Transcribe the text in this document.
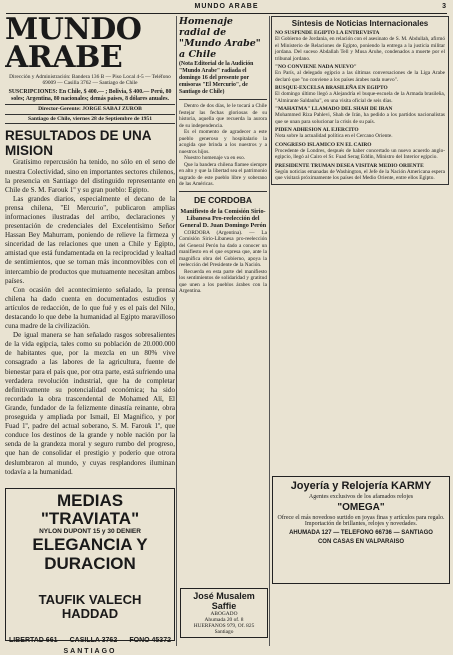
MUNDO ARABE	3
MUNDO ARABE
Dirección y Administración: Bandera 136 B — Piso Local 4-5 — Teléfono 69009 — Casilla 3762 — Santiago de Chile
SUSCRIPCIONES: En Chile, $ 400.— ; Bolivia, $ 400.— Perú, 80 soles; Argentina, 80 nacionales; demás países, 8 dólares anuales.
Director-Gerente: JORGE SABAJ ZUROB
Santiago de Chile, viernes 28 de Septiembre de 1951
RESULTADOS DE UNA MISION

Gratísimo repercusión ha tenido, no sólo en el seno de nuestra Colectividad, sino en importantes sectores chilenos, la presencia en Santiago del distinguido representante en Chile de S. M. Farouk 1º y su gran pueblo: Egipto.

Las grandes diarios, especialmente el decano de la prensa chilena, "El Mercurio", publicaron amplias informaciones ilustradas del arribo, declaraciones y presentación de credenciales del Excelentísimo Señor Hassan Bey Mahurram, poniendo de relieve la firmeza y sinceridad de las relaciones que unen a Chile y Egipto, amistad que está fundamentada en la reciprocidad y lealtad de sentimientos, que se tornan más inconmovibles con el intercambio de productos que mutuamente necesitan ambos países.

Con ocasión del acontecimiento señalado, la prensa chilena ha dado cuenta en documentados estudios y artículos de redacción, de lo que fué y es el país del Nilo, destacando lo que debe la humanidad al Egipto maravilloso cuna madre de la civilización.

De igual manera se han señalado rasgos sobresalientes de la vida egipcia, tales como su población de 20.000.000 de habitantes que, por la mezcla en un 80% vive consagrado a las labores de la agricultura, fuente de bienestar para el país que, por otra parte, está sufriendo una verdadera revolución industrial, que ha de completar definitivamente su potencialidad económica; ha sido recordado la obra trascendental de Mohamed Alí, El Grande, fundador de la felizmente dinastía reinante, obra proseguida y ampliada por Ismail, El Magnifico, y por Fuad 1º, padre del actual soberano, S. M. Farouk 1º, que conduce los destinos de la grande y noble nación por la senda de la grandeza moral y seguro rumbo del progreso, que han de consolidar el prestigio y poderío que otrora deslumbraron al mundo, y cuyas resplandores iluminan todavía a la humanidad.

MEDIAS "TRAVIATA"
NYLON DUPONT 15 y 30 DENIER
ELEGANCIA Y DURACION
TAUFIK VALECH HADDAD
LIBERTAD 661 CASILLA 3762 FONO 45372
SANTIAGO
Homenaje radial de "Mundo Arabe" a Chile
(Nota Editorial de la Audición "Mundo Arabe" radiada el domingo 16 del presente por emisoras "El Mercurio", de Santiago de Chile)

Dentro de dos días, le le tocará a Chile festejar las fechas gloriosas de su historia, aquella que recuerda la aurora de su independencia.

Es el momento de agradecer a este pueblo generoso y hospitalario la acogida que brinda a los nuestros y a nuestros hijos.

Nuestro homenaje va en eso.

Que la bandera chilena flamee siempre en alto y que la libertad sea el patrimonio sagrado de este pueblo libre y soberano de las Américas.

DE CORDOBA
Manifiesto de la Comisión Sirio-Libanesa Pro-reelección del General D. Juan Domingo Perón

CORDOBA (Argentina). — La Comisión Sirio-Libanesa pro-reelección del General Perón ha dado a conocer un manifiesto en el que expresa que, ante la magnífica obra del Gobierno, apoya la reelección del Presidente de la Nación.

Recuerda en esta parte del manifiesto los sentimientos de solidaridad y gratitud que unen a los pueblos árabes con la Argentina.

José Musalem Saffie
ABOGADO
Ahumada 20 of. 8
HUERFANOS 979, Of. 825
Santiago
Síntesis de Noticias Internacionales
NO SUSPENDE EGIPTO LA ENTREVISTA
El Gobierno de Jordania, en relación con el asesinato de S. M. Abdullah, afirmó el Ministerio de Relaciones de Egipto, poniendo la entrega a la justicia militar jordana. Del suceso Abdallah Tell y Musa Aruhe, condenados a muerte por el tribunal jordano.
"NO CONVIENE NADA NUEVO"
En París, al delegado egipcio a las últimas conversaciones de la Liga Arabe declaró que "no conviene a los países árabes nada nuevo".
BUSQUE-EXCELSA BRASILEÑA EN EGIPTO
El domingo último llegó a Alejandría el buque-escuela de la Armada brasileña, "Almirante Saldanha", en una visita oficial de seis días.
"MAHATMA" LLAMADO DEL SHAH DE IRAN
Mohammed Riza Pahlevi, Shah de Irán, ha pedido a los partidos nacionalistas que se unan para solucionar la crisis de su país.
PIDEN ADHESION AL EJERCITO
Nota sobre la actualidad política en el Cercano Oriente.
CONGRESO ISLAMICO EN EL CAIRO
Procedente de Londres, después de haber concertado un nuevo acuerdo anglo-egipcio, llegó al Cairo el Sr. Fuad Serag Eddin, Ministro del Interior egipcio.
PRESIDENTE TRUMAN DESEA VISITAR MEDIO ORIENTE
Según noticias emanadas de Washington, el Jefe de la Nación Americana espera que visitará próximamente los países del Medio Oriente, entre ellos Egipto.
Joyería y Relojería KARMY
Agentes exclusivos de los afamados relojes
"OMEGA"
Ofrece el más novedoso surtido en joyas finas y artículos para regalo. Importación de brillantes, relojes y novedades.
AHUMADA 127 — TELEFONO 66736 — SANTIAGO
CON CASAS EN VALPARAISO
